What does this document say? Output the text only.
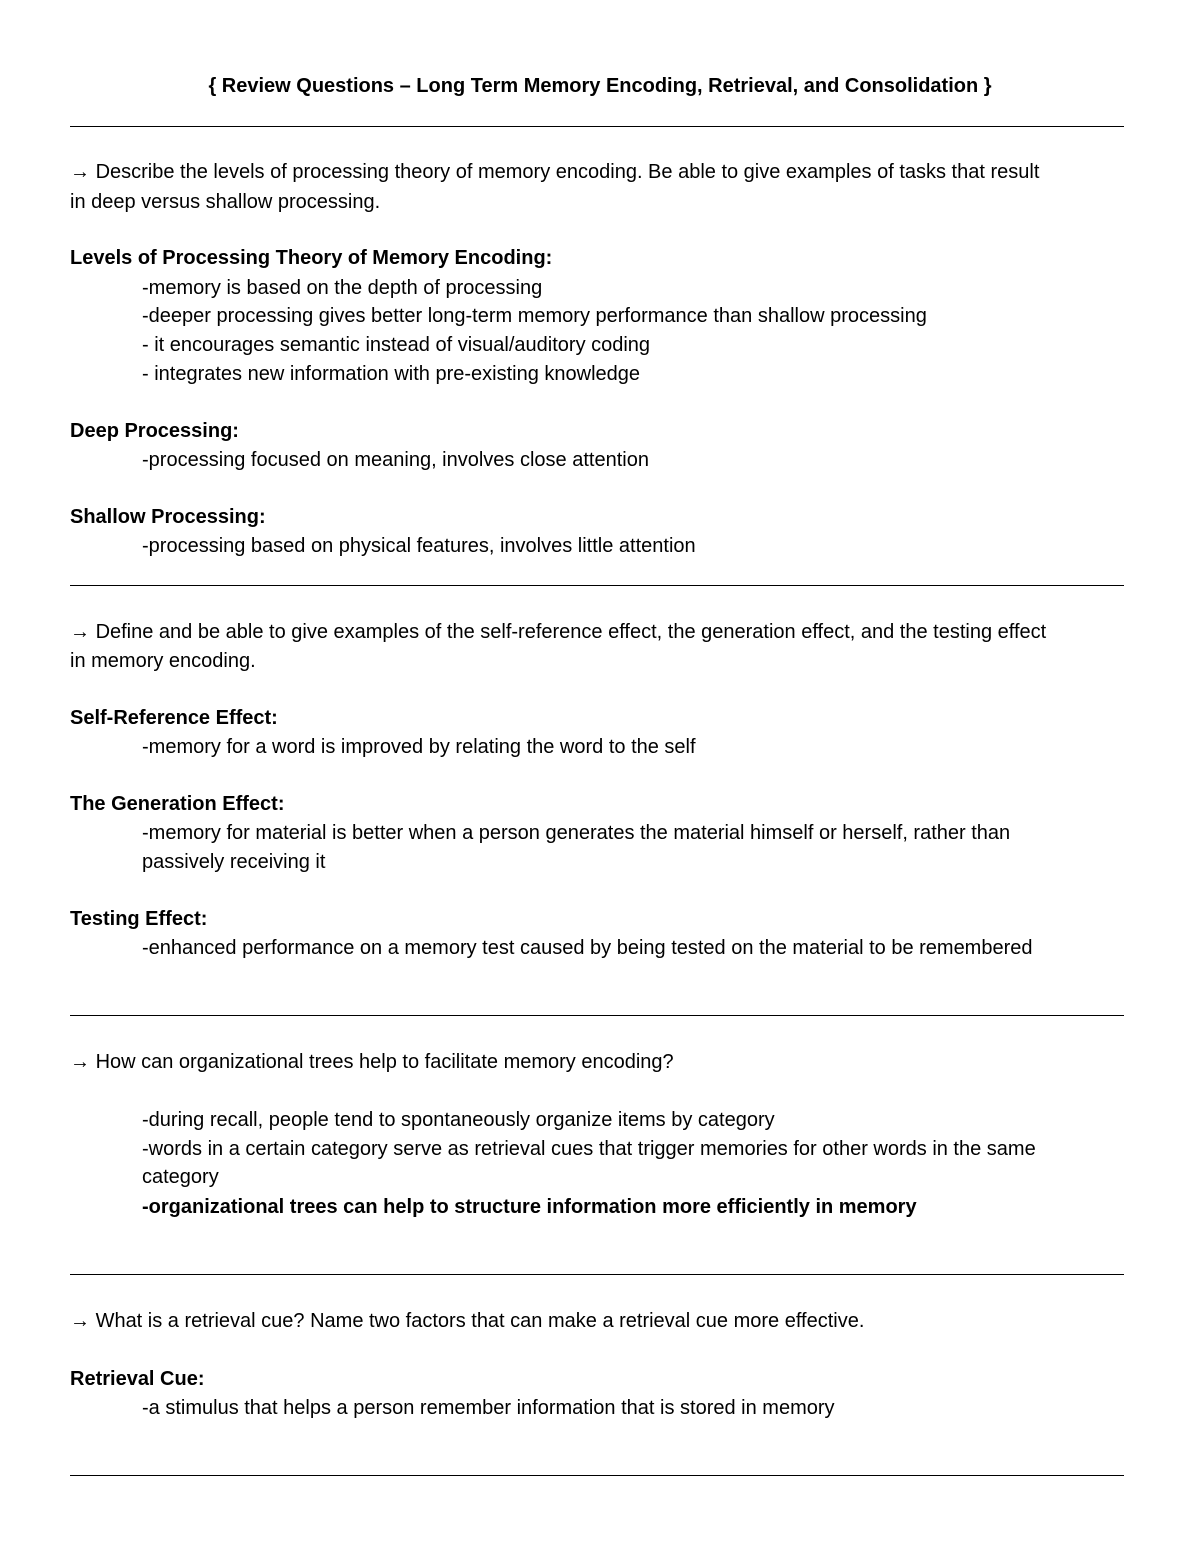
{ Review Questions – Long Term Memory Encoding, Retrieval, and Consolidation }
→ Describe the levels of processing theory of memory encoding. Be able to give examples of tasks that result
in deep versus shallow processing.
Levels of Processing Theory of Memory Encoding:
-memory is based on the depth of processing
-deeper processing gives better long-term memory performance than shallow processing
- it encourages semantic instead of visual/auditory coding
- integrates new information with pre-existing knowledge
Deep Processing:
-processing focused on meaning, involves close attention
Shallow Processing:
-processing based on physical features, involves little attention
→ Define and be able to give examples of the self-reference effect, the generation effect, and the testing effect
in memory encoding.
Self-Reference Effect:
-memory for a word is improved by relating the word to the self
The Generation Effect:
-memory for material is better when a person generates the material himself or herself, rather than
passively receiving it
Testing Effect:
-enhanced performance on a memory test caused by being tested on the material to be remembered
→ How can organizational trees help to facilitate memory encoding?
-during recall, people tend to spontaneously organize items by category
-words in a certain category serve as retrieval cues that trigger memories for other words in the same
category
-organizational trees can help to structure information more efficiently in memory
→ What is a retrieval cue? Name two factors that can make a retrieval cue more effective.
Retrieval Cue:
-a stimulus that helps a person remember information that is stored in memory
